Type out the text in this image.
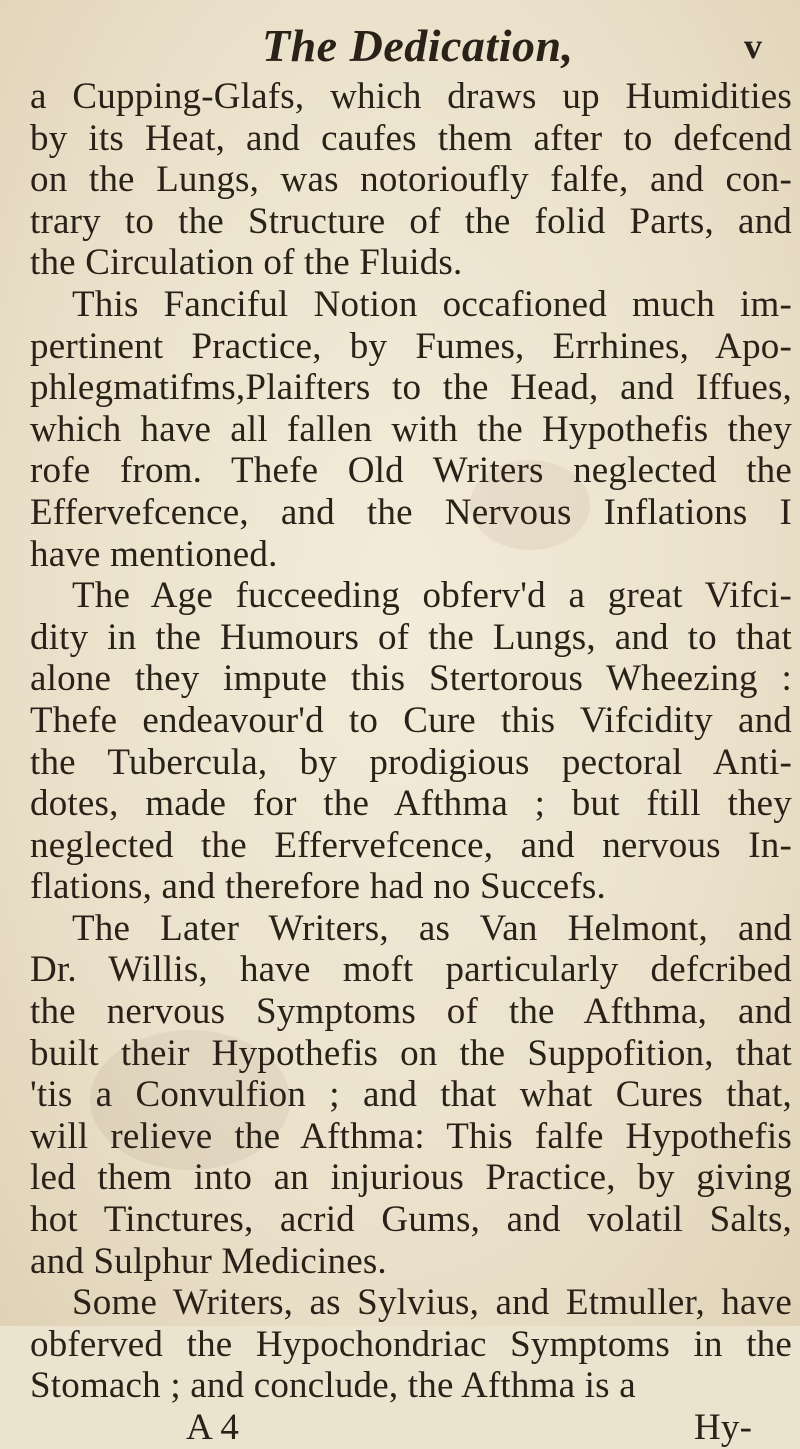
The Dedication,	v
a Cupping-Glafs, which draws up Humidities
by its Heat, and caufes them after to defcend
on the Lungs, was notorioufly falfe, and con-
trary to the Structure of the folid Parts, and
the Circulation of the Fluids.
This Fanciful Notion occafioned much im-
pertinent Practice, by Fumes, Errhines, Apo-
phlegmatifms,Plaifters to the Head, and Iffues,
which have all fallen with the Hypothefis they
rofe from. Thefe Old Writers neglected the
Effervefcence, and the Nervous Inflations I
have mentioned.
The Age fucceeding obferv'd a great Vifci-
dity in the Humours of the Lungs, and to that
alone they impute this Stertorous Wheezing :
Thefe endeavour'd to Cure this Vifcidity and
the Tubercula, by prodigious pectoral Anti-
dotes, made for the Afthma ; but ftill they
neglected the Effervefcence, and nervous In-
flations, and therefore had no Succefs.
The Later Writers, as Van Helmont, and
Dr. Willis, have moft particularly defcribed
the nervous Symptoms of the Afthma, and
built their Hypothefis on the Suppofition, that
'tis a Convulfion ; and that what Cures that,
will relieve the Afthma: This falfe Hypothefis
led them into an injurious Practice, by giving
hot Tinctures, acrid Gums, and volatil Salts,
and Sulphur Medicines.
Some Writers, as Sylvius, and Etmuller, have
obferved the Hypochondriac Symptoms in the
Stomach ; and conclude, the Afthma is a
A 4	Hy-
